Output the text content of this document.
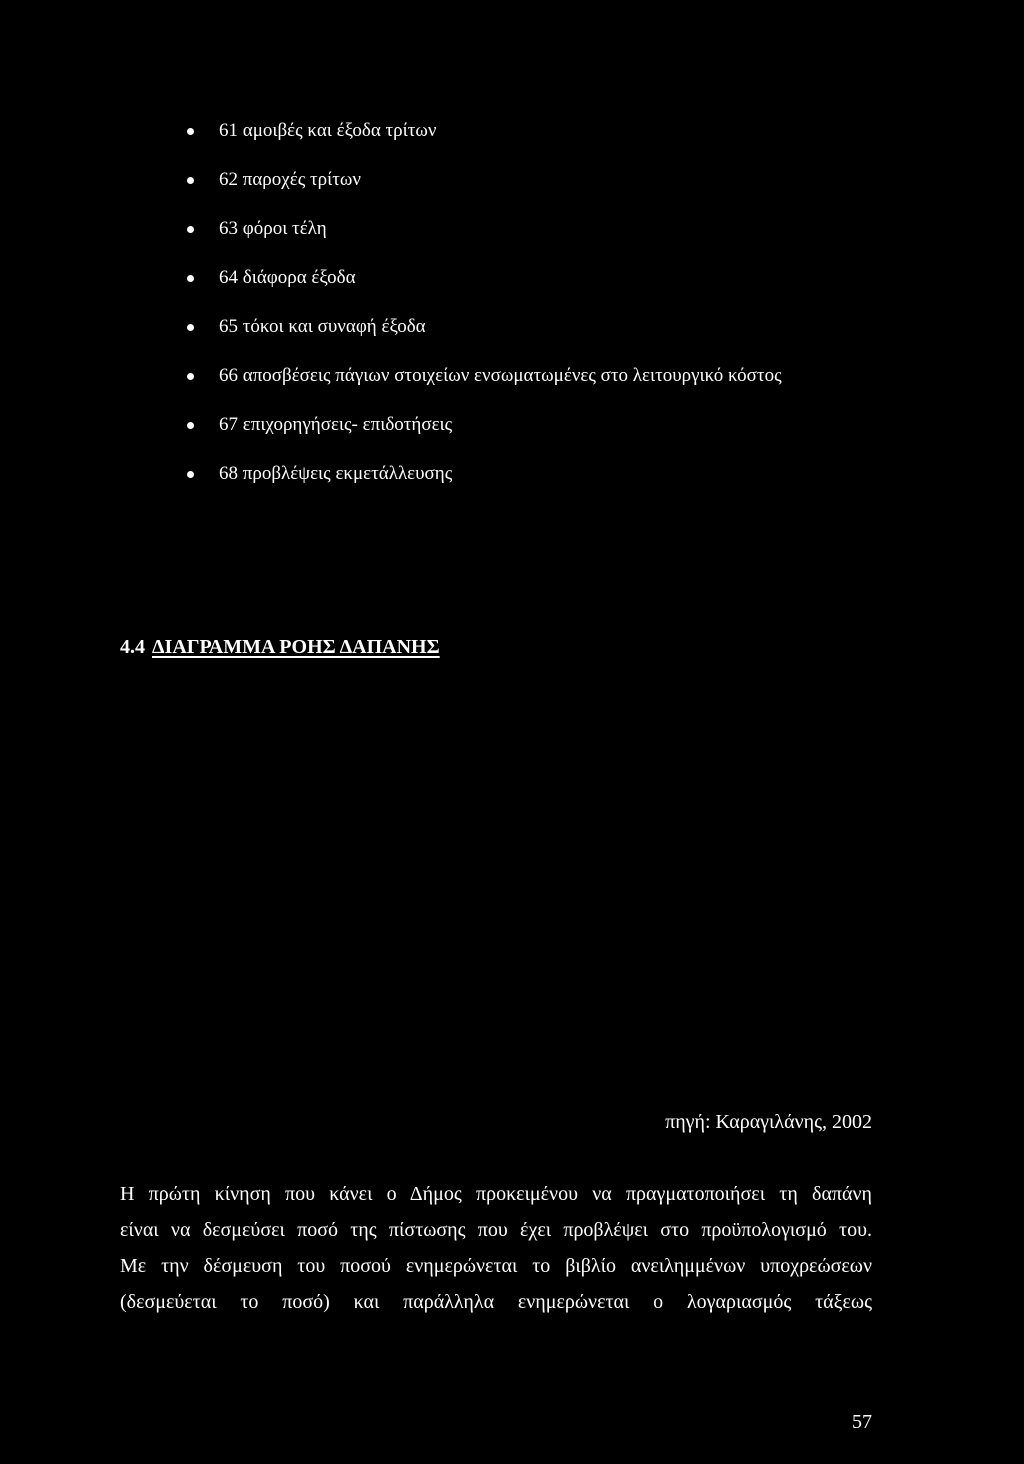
61 αμοιβές και έξοδα τρίτων
62 παροχές τρίτων
63 φόροι τέλη
64 διάφορα έξοδα
65 τόκοι και συναφή έξοδα
66 αποσβέσεις πάγιων στοιχείων ενσωματωμένες στο λειτουργικό κόστος
67 επιχορηγήσεις- επιδοτήσεις
68 προβλέψεις εκμετάλλευσης
4.4 ΔΙΑΓΡΑΜΜΑ ΡΟΗΣ ΔΑΠΑΝΗΣ
πηγή: Καραγιλάνης, 2002

Η πρώτη κίνηση που κάνει ο Δήμος προκειμένου να πραγματοποιήσει τη δαπάνη
είναι να δεσμεύσει ποσό της πίστωσης που έχει προβλέψει στο προϋπολογισμό του.
Με την δέσμευση του ποσού ενημερώνεται το βιβλίο ανειλημμένων υποχρεώσεων
(δεσμεύεται το ποσό) και παράλληλα ενημερώνεται ο λογαριασμός τάξεως

57
